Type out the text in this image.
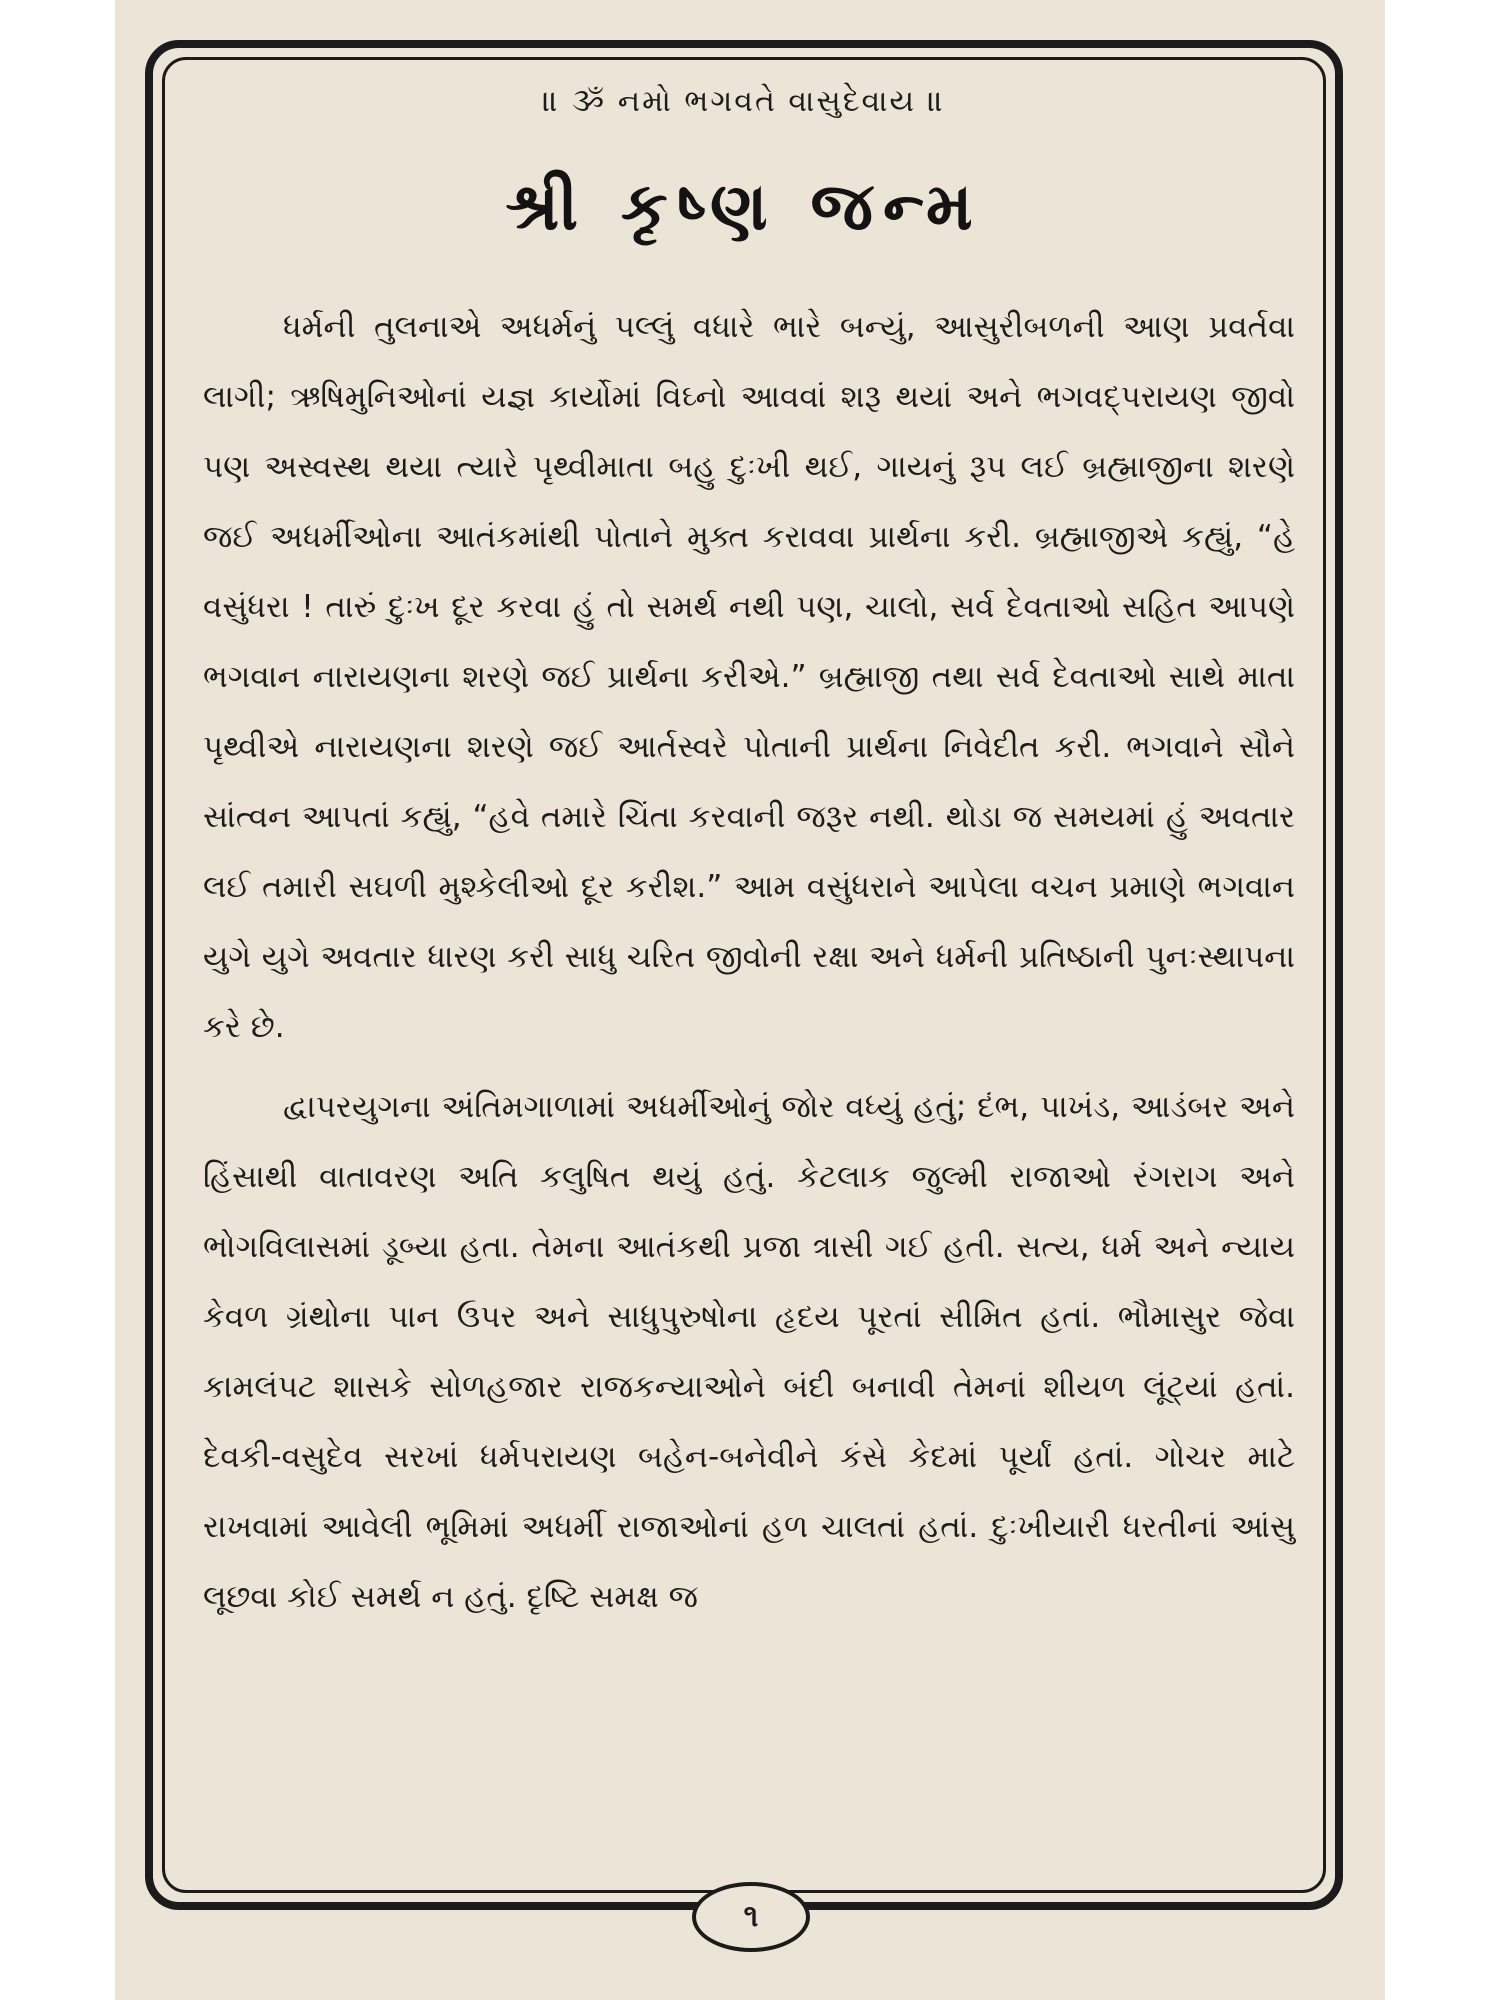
॥ ૐ નમો ભગવતે વાસુદેવાય ॥
શ્રી કૃષ્ણ જન્મ

ધર્મની તુલનાએ અધર્મનું પલ્લું વધારે ભારે બન્યું, આસુરીબળની આણ પ્રવર્તવા લાગી; ઋષિમુનિઓનાં યજ્ઞ કાર્યોમાં વિઘ્નો આવવાં શરૂ થયાં અને ભગવદ્પરાયણ જીવો પણ અસ્વસ્થ થયા ત્યારે પૃથ્વીમાતા બહુ દુઃખી થઈ, ગાયનું રૂપ લઈ બ્રહ્માજીના શરણે જઈ અધર્મીઓના આતંકમાંથી પોતાને મુક્ત કરાવવા પ્રાર્થના કરી. બ્રહ્માજીએ કહ્યું, “હે વસુંધરા ! તારું દુઃખ દૂર કરવા હું તો સમર્થ નથી પણ, ચાલો, સર્વ દેવતાઓ સહિત આપણે ભગવાન નારાયણના શરણે જઈ પ્રાર્થના કરીએ.” બ્રહ્માજી તથા સર્વ દેવતાઓ સાથે માતા પૃથ્વીએ નારાયણના શરણે જઈ આર્તસ્વરે પોતાની પ્રાર્થના નિવેદીત કરી. ભગવાને સૌને સાંત્વન આપતાં કહ્યું, “હવે તમારે ચિંતા કરવાની જરૂર નથી. થોડા જ સમયમાં હું અવતાર લઈ તમારી સઘળી મુશ્કેલીઓ દૂર કરીશ.” આમ વસુંધરાને આપેલા વચન પ્રમાણે ભગવાન યુગે યુગે અવતાર ધારણ કરી સાધુ ચરિત જીવોની રક્ષા અને ધર્મની પ્રતિષ્ઠાની પુનઃસ્થાપના કરે છે.

દ્વાપરયુગના અંતિમગાળામાં અધર્મીઓનું જોર વધ્યું હતું; દંભ, પાખંડ, આડંબર અને હિંસાથી વાતાવરણ અતિ કલુષિત થયું હતું. કેટલાક જુલ્મી રાજાઓ રંગરાગ અને ભોગવિલાસમાં ડૂબ્યા હતા. તેમના આતંકથી પ્રજા ત્રાસી ગઈ હતી. સત્ય, ધર્મ અને ન્યાય કેવળ ગ્રંથોના પાન ઉપર અને સાધુપુરુષોના હૃદય પૂરતાં સીમિત હતાં. ભૌમાસુર જેવા કામલંપટ શાસકે સોળહજાર રાજકન્યાઓને બંદી બનાવી તેમનાં શીયળ લૂંટ્યાં હતાં. દેવકી-વસુદેવ સરખાં ધર્મપરાયણ બહેન-બનેવીને કંસે કેદમાં પૂર્યાં હતાં. ગોચર માટે રાખવામાં આવેલી ભૂમિમાં અધર્મી રાજાઓનાં હળ ચાલતાં હતાં. દુઃખીયારી ધરતીનાં આંસુ લૂછવા કોઈ સમર્થ ન હતું. દૃષ્ટિ સમક્ષ જ

૧
